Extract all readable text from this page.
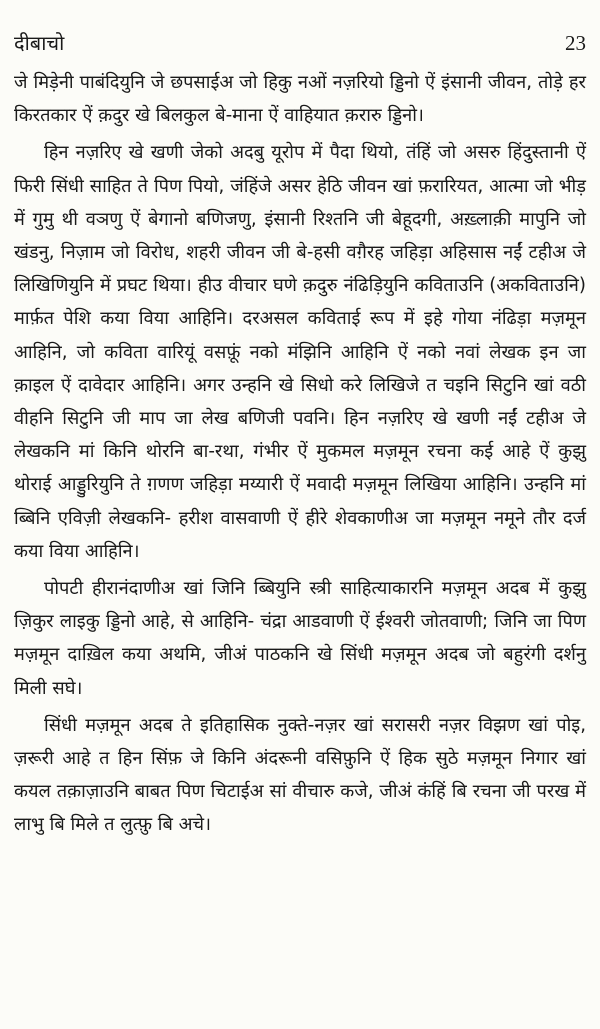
दीबाचो	23

जे मिड़ेनी पाबंदियुनि जे छपसाईअ जो हिकु नओं नज़रियो ड्डिनो ऐं इंसानी जीवन, तोड़े हर किरतकार ऐं क़दुर खे बिलकुल बे-माना ऐं वाहियात क़रारु ड्डिनो।

हिन नज़रिए खे खणी जेको अदबु यूरोप में पैदा थियो, तंहिं जो असरु हिंदुस्तानी ऐं फिरी सिंधी साहित ते पिण पियो, जंहिंजे असर हेठि जीवन खां फ़रारियत, आत्मा जो भीड़ में गुमु थी वञणु ऐं बेगानो बणिजणु, इंसानी रिश्तनि जी बेहूदगी, अख़्लाक़ी मापुनि जो खंडनु, निज़ाम जो विरोध, शहरी जीवन जी बे-हसी वग़ैरह जहिड़ा अहिसास नईं टहीअ जे लिखिणियुनि में प्रघट थिया। हीउ वीचार घणे क़दुरु नंढिड़ियुनि कविताउनि (अकविताउनि) मार्फ़त पेशि कया विया आहिनि। दरअसल कविताई रूप में इहे गोया नंढिड़ा मज़मून आहिनि, जो कविता वारियूं वसफ़ूं नको मंझिनि आहिनि ऐं नको नवां लेखक इन जा क़ाइल ऐं दावेदार आहिनि। अगर उन्हनि खे सिधो करे लिखिजे त चइनि सिटुनि खां वठी वीहनि सिटुनि जी माप जा लेख बणिजी पवनि। हिन नज़रिए खे खणी नईं टहीअ जे लेखकनि मां किनि थोरनि बा-रथा, गंभीर ऐं मुकमल मज़मून रचना कई आहे ऐं कुझु थोराई आड्डुरियुनि ते ग़णण जहिड़ा मय्यारी ऐं मवादी मज़मून लिखिया आहिनि। उन्हनि मां ब्बिनि एविज़ी लेखकनि- हरीश वासवाणी ऐं हीरे शेवकाणीअ जा मज़मून नमूने तौर दर्ज कया विया आहिनि।

पोपटी हीरानंदाणीअ खां जिनि ब्बियुनि स्त्री साहित्याकारनि मज़मून अदब में कुझु ज़िकुर लाइकु ड्डिनो आहे, से आहिनि- चंद्रा आडवाणी ऐं ईश्वरी जोतवाणी; जिनि जा पिण मज़मून दाख़िल कया अथमि, जीअं पाठकनि खे सिंधी मज़मून अदब जो बहुरंगी दर्शनु मिली सघे।

सिंधी मज़मून अदब ते इतिहासिक नुक्ते-नज़र खां सरासरी नज़र विझण खां पोइ, ज़रूरी आहे त हिन सिंफ़ जे किनि अंदरूनी वसिफ़ुनि ऐं हिक सुठे मज़मून निगार खां कयल तक़ाज़ाउनि बाबत पिण चिटाईअ सां वीचारु कजे, जीअं कंहिं बि रचना जी परख में लाभु बि मिले त लुत्फ़ु बि अचे।
